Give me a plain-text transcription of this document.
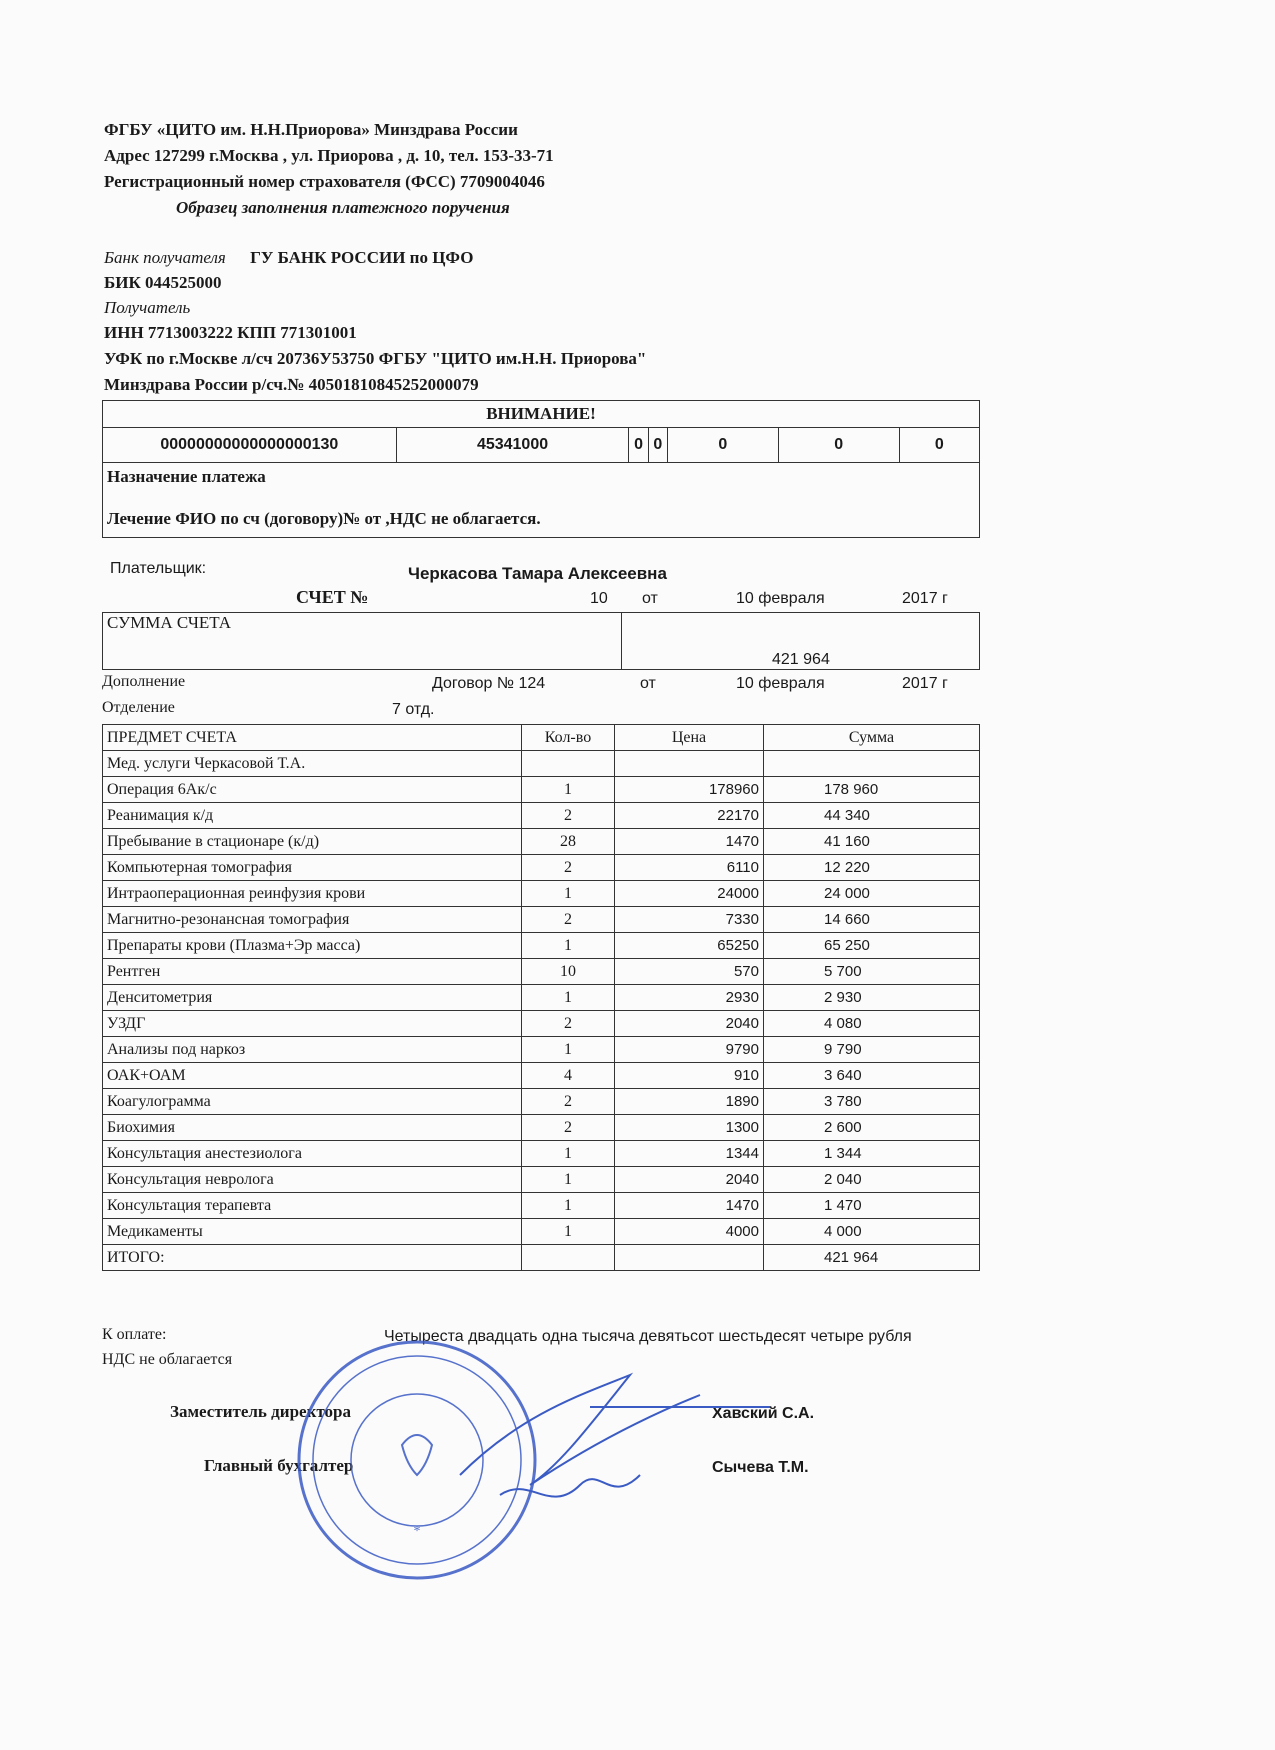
ФГБУ «ЦИТО им. Н.Н.Приорова» Минздрава России
Адрес 127299 г.Москва , ул. Приорова , д. 10, тел. 153-33-71
Регистрационный номер страхователя (ФСС) 7709004046
Образец заполнения платежного поручения
Банк получателя ГУ БАНК РОССИИ по ЦФО
БИК 044525000
Получатель
ИНН 7713003222 КПП 771301001
УФК по г.Москве л/сч 20736У53750 ФГБУ "ЦИТО им.Н.Н. Приорова"
Минздрава России р/сч.№ 40501810845252000079
ВНИМАНИЕ!
00000000000000000130	45341000	0	0	0	0	0

Назначение платежа
Лечение ФИО по сч (договору)№ от ,НДС не облагается.
Плательщик:	Черкасова Тамара Алексеевна
СЧЕТ №	10 от	10 февраля	2017 г
СУММА СЧЕТА	421 964
Дополнение	Договор № 124	от	10 февраля	2017 г
Отделение	7 отд.
ПРЕДМЕТ СЧЕТА	Кол-во	Цена	Сумма
Мед. услуги Черкасовой Т.А.			
Операция 6Ак/с	1	178960	178 960
Реанимация к/д	2	22170	44 340
Пребывание в стационаре (к/д)	28	1470	41 160
Компьютерная томография	2	6110	12 220
Интраоперационная реинфузия крови	1	24000	24 000
Магнитно-резонансная томография	2	7330	14 660
Препараты крови (Плазма+Эр масса)	1	65250	65 250
Рентген	10	570	5 700
Денситометрия	1	2930	2 930
УЗДГ	2	2040	4 080
Анализы под наркоз	1	9790	9 790
ОАК+ОАМ	4	910	3 640
Коагулограмма	2	1890	3 780
Биохимия	2	1300	2 600
Консультация анестезиолога	1	1344	1 344
Консультация невролога	1	2040	2 040
Консультация терапевта	1	1470	1 470
Медикаменты	1	4000	4 000
ИТОГО:			421 964
К оплате:	Четыреста двадцать одна тысяча девятьсот шестьдесят четыре рубля
НДС не облагается
Заместитель директора	Хавский С.А.
Главный бухгалтер	Сычева Т.М.
*
